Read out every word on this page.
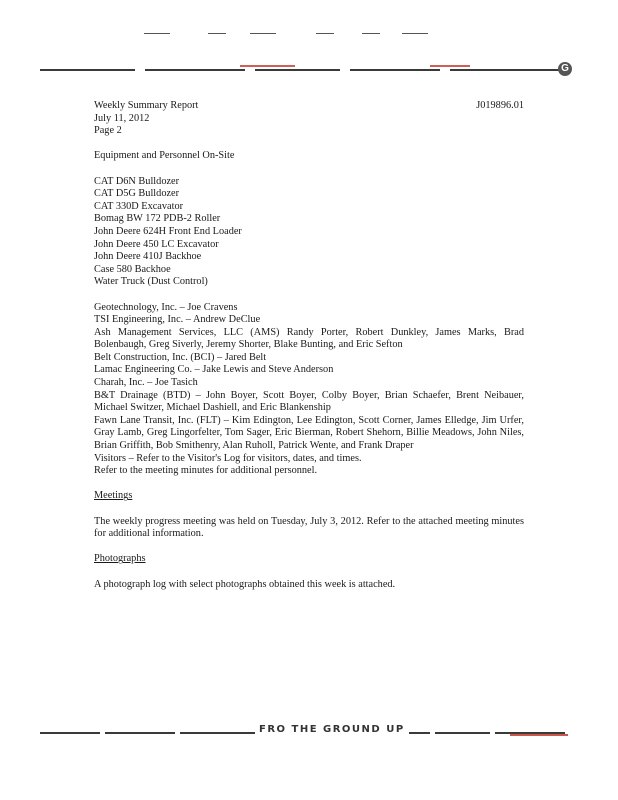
G

Weekly Summary Report

July 11, 2012

Page 2

J019896.01

Equipment and Personnel On-Site

CAT D6N Bulldozer

CAT D5G Bulldozer

CAT 330D Excavator

Bomag BW 172 PDB-2 Roller

John Deere 624H Front End Loader

John Deere 450 LC Excavator

John Deere 410J Backhoe

Case 580 Backhoe

Water Truck (Dust Control)

Geotechnology, Inc. – Joe Cravens

TSI Engineering, Inc. – Andrew DeClue

Ash Management Services, LLC (AMS) Randy Porter, Robert Dunkley, James Marks, Brad Bolenbaugh, Greg Siverly, Jeremy Shorter, Blake Bunting, and Eric Sefton

Belt Construction, Inc. (BCI) – Jared Belt

Lamac Engineering Co. – Jake Lewis and Steve Anderson

Charah, Inc. – Joe Tasich

B&T Drainage (BTD) – John Boyer, Scott Boyer, Colby Boyer, Brian Schaefer, Brent Neibauer, Michael Switzer, Michael Dashiell, and Eric Blankenship

Fawn Lane Transit, Inc. (FLT) – Kim Edington, Lee Edington, Scott Corner, James Elledge, Jim Urfer, Gray Lamb, Greg Lingorfelter, Tom Sager, Eric Bierman, Robert Shehorn, Billie Meadows, John Niles, Brian Griffith, Bob Smithenry, Alan Ruholl, Patrick Wente, and Frank Draper

Visitors – Refer to the Visitor's Log for visitors, dates, and times.

Refer to the meeting minutes for additional personnel.

Meetings

The weekly progress meeting was held on Tuesday, July 3, 2012. Refer to the attached meeting minutes for additional information.

Photographs

A photograph log with select photographs obtained this week is attached.

FRO THE GROUND UP
